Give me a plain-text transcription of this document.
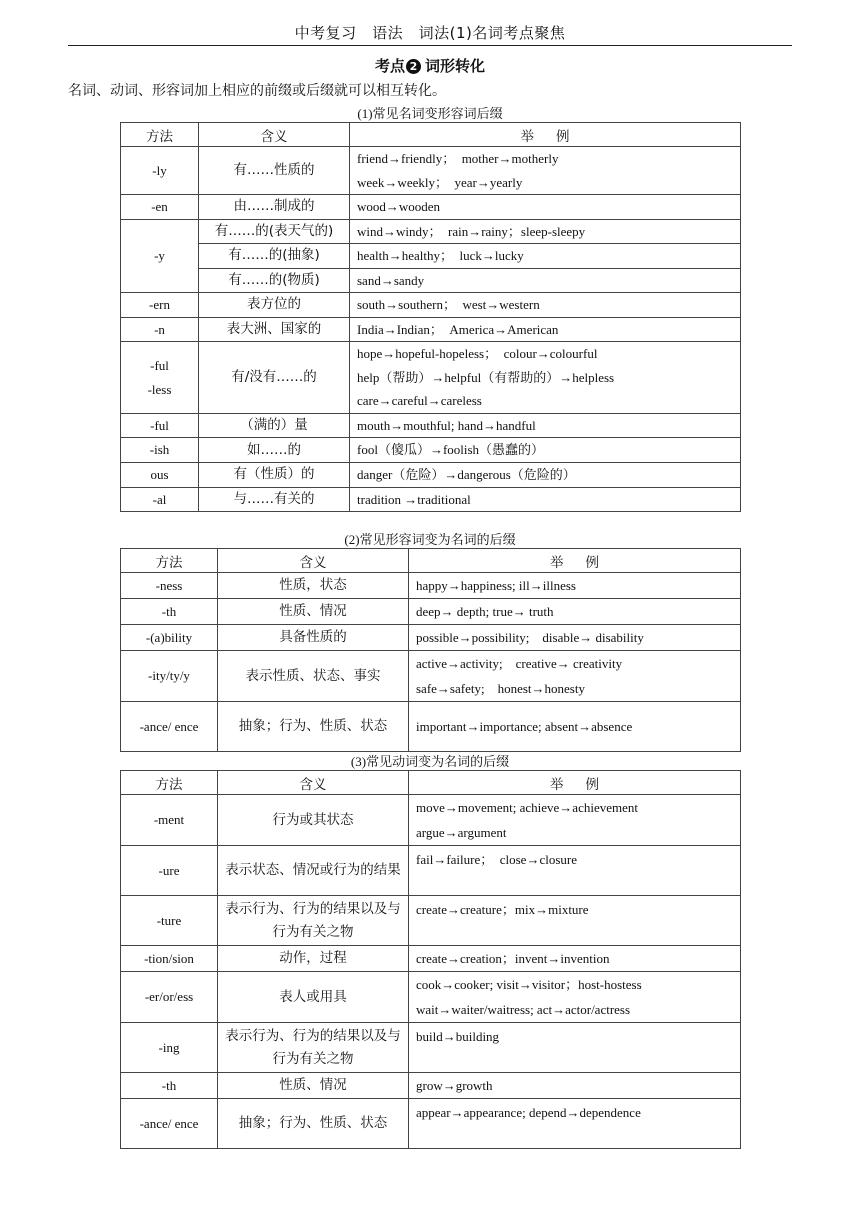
中考复习　语法　词法(1)名词考点聚焦
考点 2 词形转化
名词、动词、形容词加上相应的前缀或后缀就可以相互转化。
(1)常见名词变形容词后缀
方法	含义	举例

-ly	有……性质的	friend→friendly；　mother→motherly
week→weekly；　year→yearly

-en	由……制成的	wood→wooden

-y	有……的(表天气的)	wind→windy；　rain→rainy；sleep-sleepy

	有……的(抽象)	health→healthy；　luck→lucky

	有……的(物质)	sand→sandy

-ern	表方位的	south→southern；　west→western

-n	表大洲、国家的	India→Indian；　America→American

-ful
-less	有/没有……的	hope→hopeful-hopeless；　colour→colourful
help（帮助）→helpful（有帮助的）→helpless
care→careful→careless

-ful	（满的）量	mouth→mouthful; hand→handful

-ish	如……的	fool（傻瓜）→foolish（愚蠢的）

ous	有（性质）的	danger（危险）→dangerous（危险的）

-al	与……有关的	tradition →traditional
(2)常见形容词变为名词的后缀
方法	含义	举例
-ness	性质，状态	happy→happiness; ill→illness

-th	性质、情况	deep→ depth; true→ truth

-(a)bility	具备性质的	possible→possibility;　disable→ disability

-ity/ty/y	表示性质、状态、事实	active→activity;　creative→ creativity
safe→safety;　honest→honesty

-ance/ ence	抽象；行为、性质、状态	important→importance; absent→absence
(3)常见动词变为名词的后缀
方法	含义	举例
-ment	行为或其状态	move→movement; achieve→achievement
argue→argument

-ure	表示状态、情况或行为的结果	fail→failure；　close→closure

-ture	表示行为、行为的结果以及与行为有关之物	create→creature；mix→mixture

-tion/sion	动作，过程	create→creation；invent→invention

-er/or/ess	表人或用具	cook→cooker; visit→visitor；host-hostess
wait→waiter/waitress; act→actor/actress

-ing	表示行为、行为的结果以及与行为有关之物	build→building

-th	性质、情况	grow→growth

-ance/ ence	抽象；行为、性质、状态	appear→appearance; depend→dependence
